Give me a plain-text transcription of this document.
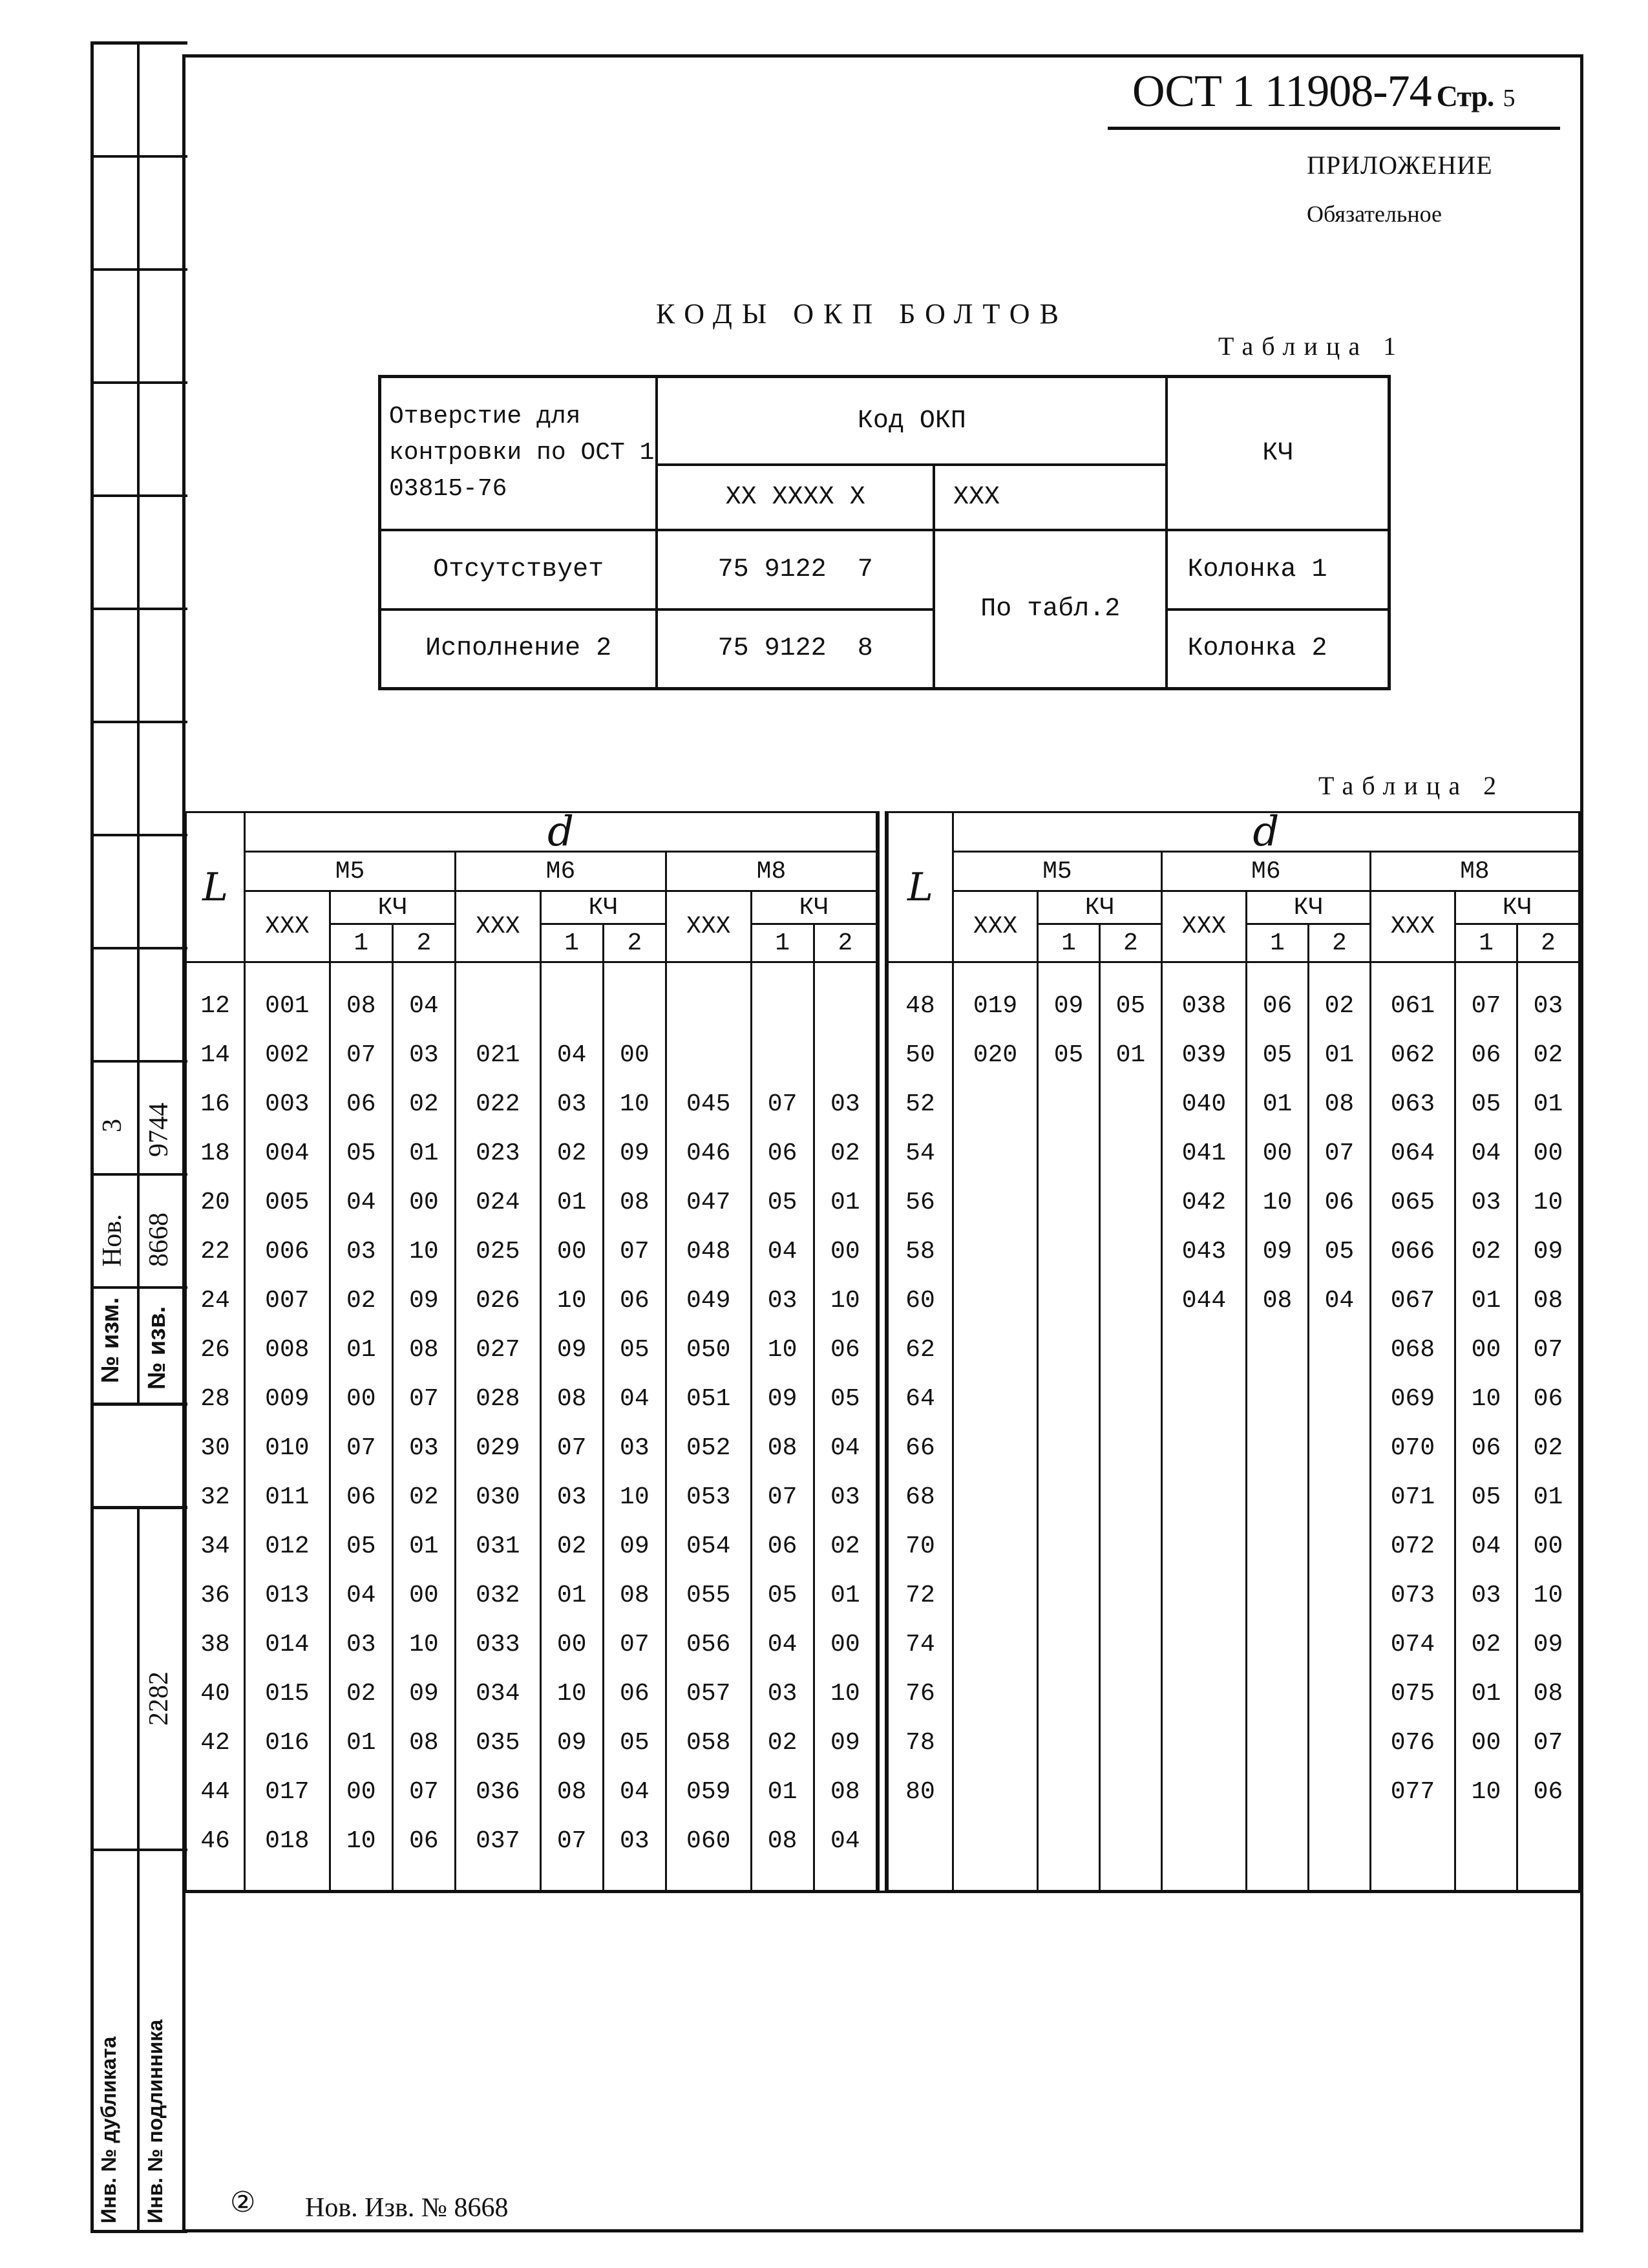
3 9744
Нов. 8668
№ изм. № изв.
2282
Инв. № дубликата Инв. № подлинника
ОСТ 1 11908-74 Стр. 5
ПРИЛОЖЕНИЕ
Обязательное
КОДЫ ОКП БОЛТОВ
Таблица 1
Отверстие для контровки по ОСТ 1 03815-76	Код ОКП		КЧ
	XX XXXX X	XXX	
Отсутствует	75 9122  7	По табл.2	Колонка 1
Исполнение 2	75 9122  8		Колонка 2
Таблица 2
L	d								
	M5			M6			M8		
	XXX	КЧ		XXX	КЧ		XXX	КЧ	
		1	2		1	2		1	2
12	001	08	04						
14	002	07	03	021	04	00			
16	003	06	02	022	03	10	045	07	03
18	004	05	01	023	02	09	046	06	02
20	005	04	00	024	01	08	047	05	01
22	006	03	10	025	00	07	048	04	00
24	007	02	09	026	10	06	049	03	10
26	008	01	08	027	09	05	050	10	06
28	009	00	07	028	08	04	051	09	05
30	010	07	03	029	07	03	052	08	04
32	011	06	02	030	03	10	053	07	03
34	012	05	01	031	02	09	054	06	02
36	013	04	00	032	01	08	055	05	01
38	014	03	10	033	00	07	056	04	00
40	015	02	09	034	10	06	057	03	10
42	016	01	08	035	09	05	058	02	09
44	017	00	07	036	08	04	059	01	08
46	018	10	06	037	07	03	060	08	04

L	d								
	M5			M6			M8		
	XXX	КЧ		XXX	КЧ		XXX	КЧ	
		1	2		1	2		1	2
48	019	09	05	038	06	02	061	07	03
50	020	05	01	039	05	01	062	06	02
52				040	01	08	063	05	01
54				041	00	07	064	04	00
56				042	10	06	065	03	10
58				043	09	05	066	02	09
60				044	08	04	067	01	08
62							068	00	07
64							069	10	06
66							070	06	02
68							071	05	01
70							072	04	00
72							073	03	10
74							074	02	09
76							075	01	08
78							076	00	07
80							077	10	06

② Нов. Изв. № 8668
